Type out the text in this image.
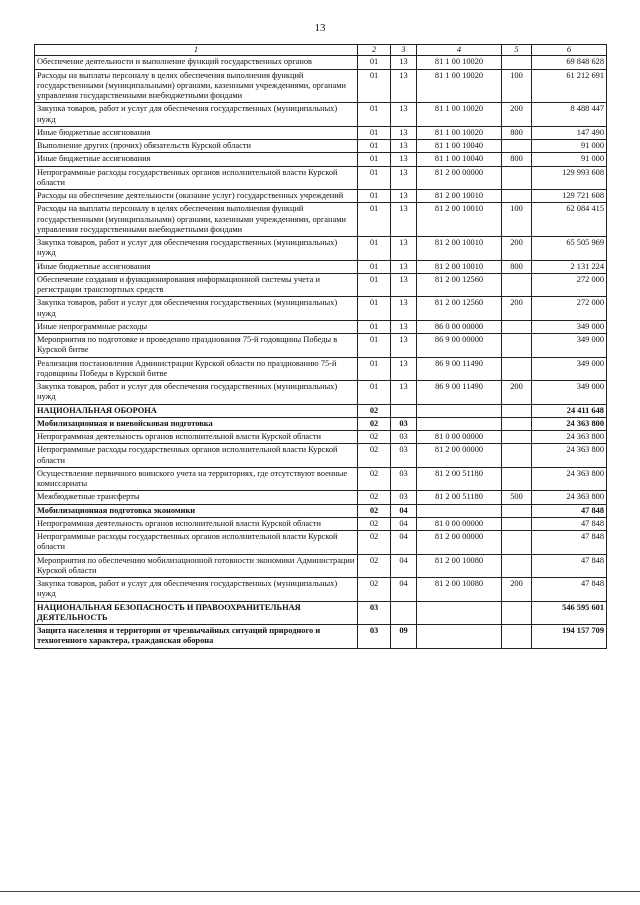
13
1	2	3	4	5	6
Обеспечение деятельности и выполнение функций государственных органов	01	13	81 1 00 10020		69 848 628
Расходы на выплаты персоналу в целях обеспечения выполнения функций государственными (муниципальными) органами, казенными учреждениями, органами управления государственными внебюджетными фондами	01	13	81 1 00 10020	100	61 212 691
Закупка товаров, работ и услуг для обеспечения государственных (муниципальных) нужд	01	13	81 1 00 10020	200	8 488 447
Иные бюджетные ассигнования	01	13	81 1 00 10020	800	147 490
Выполнение других (прочих) обязательств Курской области	01	13	81 1 00 10040		91 000
Иные бюджетные ассигнования	01	13	81 1 00 10040	800	91 000
Непрограммные расходы государственных органов исполнительной власти Курской области	01	13	81 2 00 00000		129 993 608
Расходы на обеспечение деятельности (оказание услуг) государственных учреждений	01	13	81 2 00 10010		129 721 608
Расходы на выплаты персоналу в целях обеспечения выполнения функций государственными (муниципальными) органами, казенными учреждениями, органами управления государственными внебюджетными фондами	01	13	81 2 00 10010	100	62 084 415
Закупка товаров, работ и услуг для обеспечения государственных (муниципальных) нужд	01	13	81 2 00 10010	200	65 505 969
Иные бюджетные ассигнования	01	13	81 2 00 10010	800	2 131 224
Обеспечение создания и функционирования информационной системы учета и регистрации транспортных средств	01	13	81 2 00 12560		272 000
Закупка товаров, работ и услуг для обеспечения государственных (муниципальных) нужд	01	13	81 2 00 12560	200	272 000
Иные непрограммные расходы	01	13	86 0 00 00000		349 000
Мероприятия по подготовке и проведению празднования 75-й годовщины Победы в Курской битве	01	13	86 9 00 00000		349 000
Реализация постановления Администрации Курской области по празднованию 75-й годовщины Победы в Курской битве	01	13	86 9 00 11490		349 000
Закупка товаров, работ и услуг для обеспечения государственных (муниципальных) нужд	01	13	86 9 00 11490	200	349 000
НАЦИОНАЛЬНАЯ ОБОРОНА	02				24 411 648
Мобилизационная и вневойсковая подготовка	02	03			24 363 800
Непрограммная деятельность органов исполнительной власти Курской области	02	03	81 0 00 00000		24 363 800
Непрограммные расходы государственных органов исполнительной власти Курской области	02	03	81 2 00 00000		24 363 800
Осуществление первичного воинского учета на территориях, где отсутствуют военные комиссариаты	02	03	81 2 00 51180		24 363 800
Межбюджетные трансферты	02	03	81 2 00 51180	500	24 363 800
Мобилизационная подготовка экономики	02	04			47 848
Непрограммная деятельность органов исполнительной власти Курской области	02	04	81 0 00 00000		47 848
Непрограммные расходы государственных органов исполнительной власти Курской области	02	04	81 2 00 00000		47 848
Мероприятия по обеспечению мобилизационной готовности экономики Администрации Курской области	02	04	81 2 00 10080		47 848
Закупка товаров, работ и услуг для обеспечения государственных (муниципальных) нужд	02	04	81 2 00 10080	200	47 848
НАЦИОНАЛЬНАЯ БЕЗОПАСНОСТЬ И ПРАВООХРАНИТЕЛЬНАЯ ДЕЯТЕЛЬНОСТЬ	03				546 595 601
Защита населения и территории от чрезвычайных ситуаций природного и техногенного характера, гражданская оборона	03	09			194 157 709
